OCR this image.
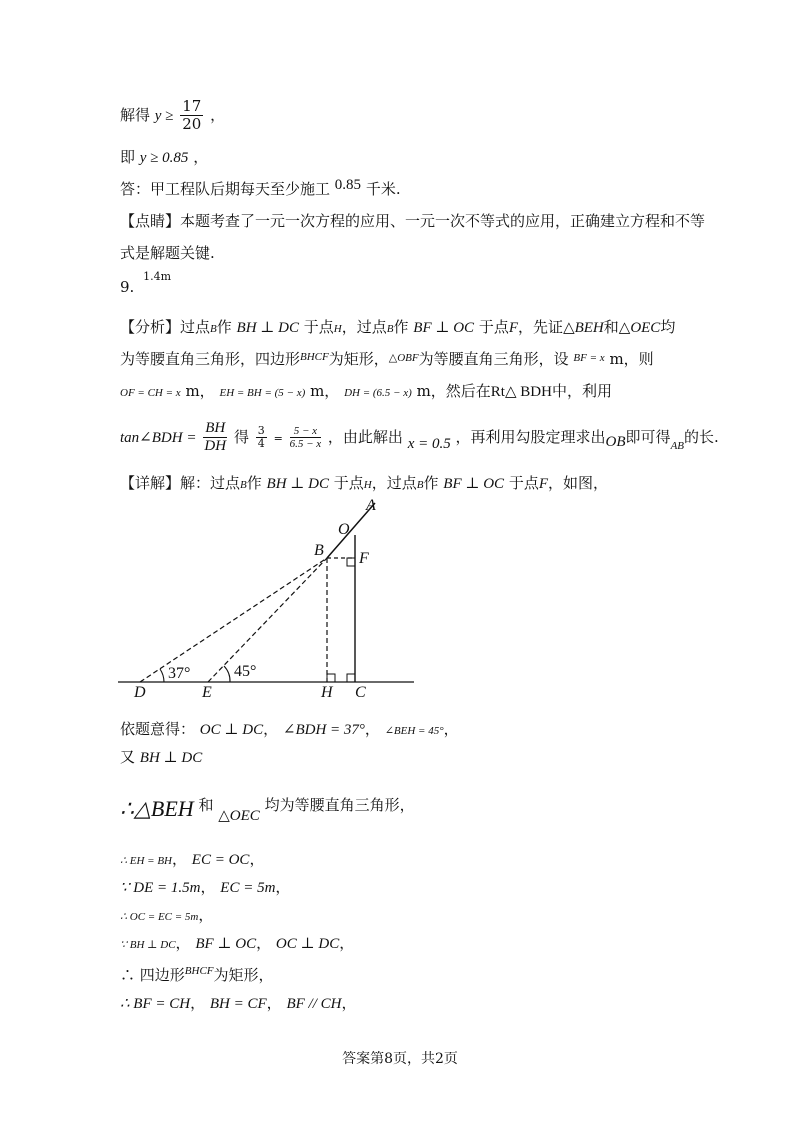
解得 $y \ge \frac{17}{20}$ ，
即 y ≥ 0.85 ，
答：甲工程队后期每天至少施工 0.85 千米.
【点睛】本题考查了一元一次方程的应用、一元一次不等式的应用，正确建立方程和不等
式是解题关键.
9. $^{1.4m}$
【分析】过点B作 BH ⊥ DC 于点H，过点B作 BF ⊥ OC 于点F，先证△BEH和△OEC均
为等腰直角三角形，四边形$^{BHCF}$为矩形，$^{\triangle OBF}$为等腰直角三角形，设 $^{BF = x}$ m，则
OF = CH = x m， EH = BH = (5 − x) m， DH = (6.5 − x) m，然后在Rt△ BDH中，利用
tan∠BDH = $\frac{BH}{DH}$ 得 $\frac{3}{4} = \frac{5 - x}{6.5 - x}$ ，由此解出 x = 0.5 ，再利用勾股定理求出OB即可得$_{AB}$的长.
【详解】解：过点B作 BH ⊥ DC 于点H，过点B作 BF ⊥ OC 于点F，如图，
A
O
B F
D	E	H C
37°	45°
依题意得： OC ⊥ DC， ∠BDH = 37°， ∠BEH = 45°，
又 BH ⊥ DC
∴△BEH 和 △OEC 均为等腰直角三角形，
∴ EH = BH， EC = OC，
∵ DE = 1.5m， EC = 5m，
∴ OC = EC = 5m，
∵ BH ⊥ DC， BF ⊥ OC， OC ⊥ DC，
∴ 四边形$^{BHCF}$为矩形，
∴ BF = CH， BH = CF， BF // CH，
答案第8页，共2页
